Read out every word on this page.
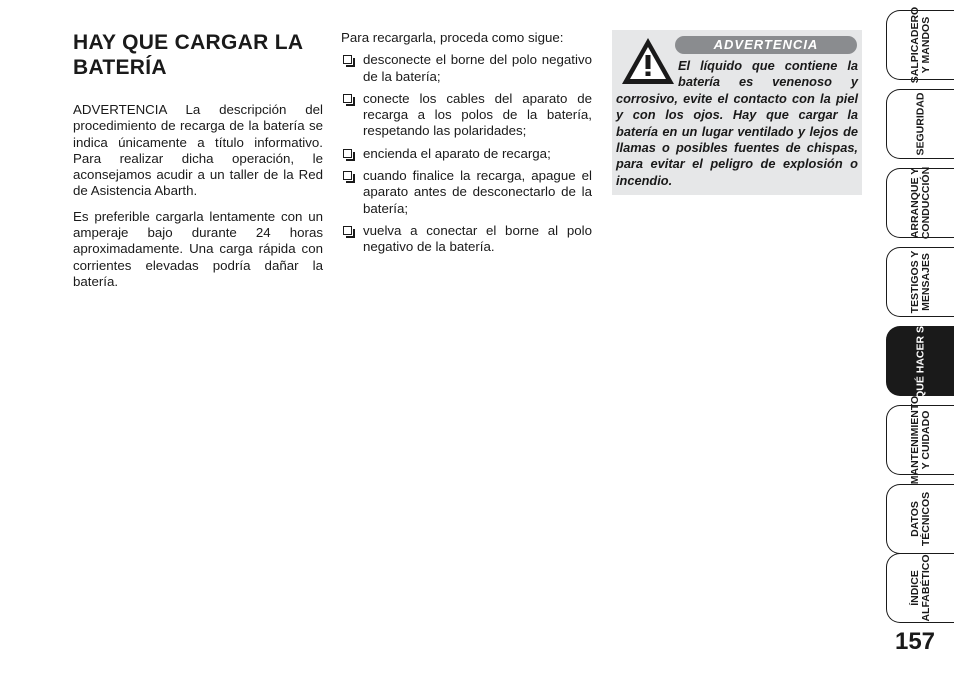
HAY QUE CARGAR LA
BATERÍA

ADVERTENCIA La descripción del procedimiento de recarga de la batería se indica únicamente a título informativo. Para realizar dicha operación, le aconsejamos acudir a un taller de la Red de Asistencia Abarth.

Es preferible cargarla lentamente con un amperaje bajo durante 24 horas aproximadamente. Una carga rápida con corrientes elevadas podría dañar la batería.

Para recargarla, proceda como sigue:

desconecte el borne del polo negativo de la batería;
conecte los cables del aparato de recarga a los polos de la batería, respetando las polaridades;
encienda el aparato de recarga;
cuando finalice la recarga, apague el aparato antes de desconectarlo de la batería;
vuelva a conectar el borne al polo negativo de la batería.
ADVERTENCIA
El líquido que contiene la batería es venenoso y corrosivo, evite el contacto con la piel y con los ojos. Hay que cargar la batería en un lugar ventilado y lejos de llamas o posibles fuentes de chispas, para evitar el peligro de explosión o incendio.
SALPICADERO
Y MANDOS
SEGURIDAD
ARRANQUE Y
CONDUCCIÓN
TESTIGOS Y
MENSAJES
QUÉ HACER SI
MANTENIMIENTO
Y CUIDADO
DATOS
TÉCNICOS
ÍNDICE
ALFABÉTICO
157
